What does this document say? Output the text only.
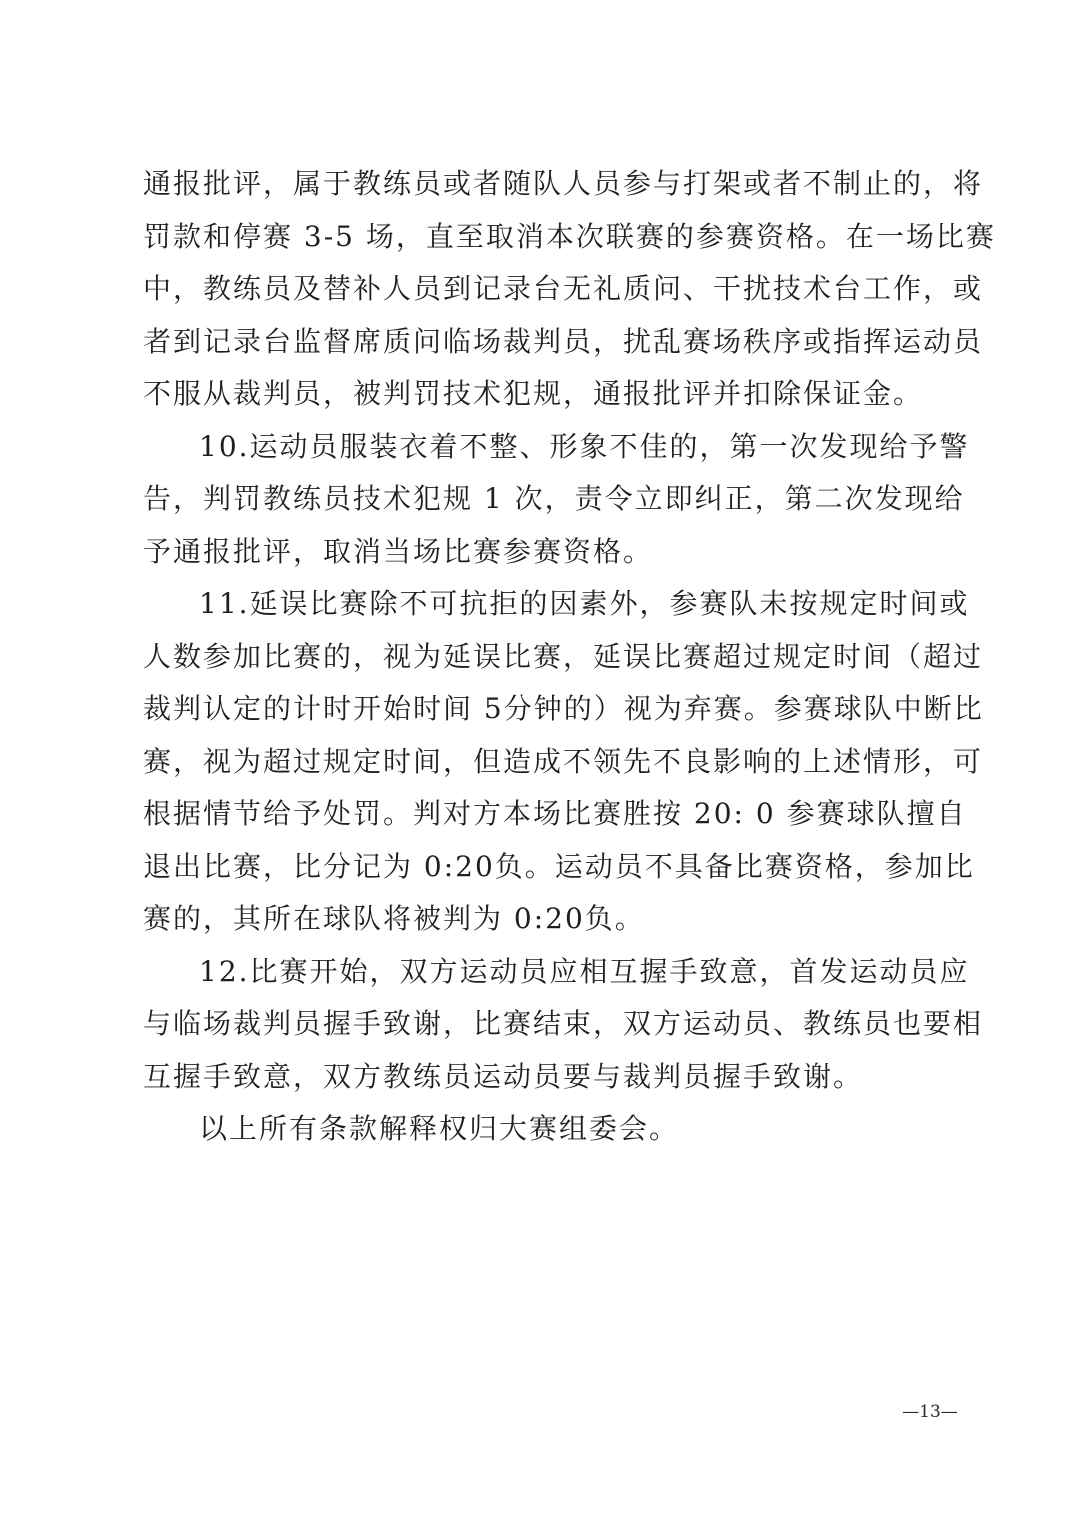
通报批评，属于教练员或者随队人员参与打架或者不制止的，将
罚款和停赛 3-5 场，直至取消本次联赛的参赛资格。在一场比赛
中，教练员及替补人员到记录台无礼质问、干扰技术台工作，或
者到记录台监督席质问临场裁判员，扰乱赛场秩序或指挥运动员
不服从裁判员，被判罚技术犯规，通报批评并扣除保证金。
10.运动员服装衣着不整、形象不佳的，第一次发现给予警
告，判罚教练员技术犯规 1 次，责令立即纠正，第二次发现给
予通报批评，取消当场比赛参赛资格。
11.延误比赛除不可抗拒的因素外，参赛队未按规定时间或
人数参加比赛的，视为延误比赛，延误比赛超过规定时间（超过
裁判认定的计时开始时间 5分钟的）视为弃赛。参赛球队中断比
赛，视为超过规定时间，但造成不领先不良影响的上述情形，可
根据情节给予处罚。判对方本场比赛胜按 20: 0 参赛球队擅自
退出比赛，比分记为 0:20负。运动员不具备比赛资格，参加比
赛的，其所在球队将被判为 0:20负。
12.比赛开始，双方运动员应相互握手致意，首发运动员应
与临场裁判员握手致谢，比赛结束，双方运动员、教练员也要相
互握手致意，双方教练员运动员要与裁判员握手致谢。
以上所有条款解释权归大赛组委会。
—13—
